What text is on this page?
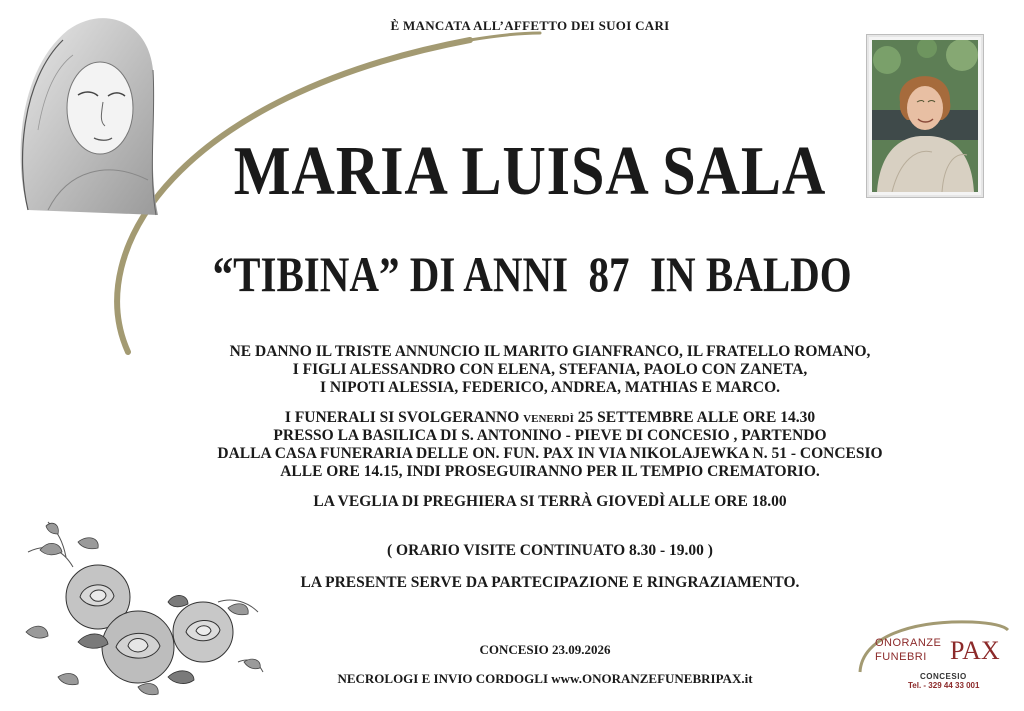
È MANCATA ALL’AFFETTO DEI SUOI CARI
MARIA LUISA SALA
“TIBINA” DI ANNI  87  IN BALDO
NE DANNO IL TRISTE ANNUNCIO IL MARITO GIANFRANCO, IL FRATELLO ROMANO,
I FIGLI ALESSANDRO CON ELENA, STEFANIA, PAOLO CON ZANETA,
I NIPOTI ALESSIA, FEDERICO, ANDREA, MATHIAS E MARCO.
I FUNERALI SI SVOLGERANNO venerdì 25 SETTEMBRE ALLE ORE 14.30
PRESSO LA BASILICA DI S. ANTONINO - PIEVE DI CONCESIO , PARTENDO
DALLA CASA FUNERARIA DELLE ON. FUN. PAX IN VIA NIKOLAJEWKA N. 51 - CONCESIO
ALLE ORE 14.15, INDI PROSEGUIRANNO PER IL TEMPIO CREMATORIO.
LA VEGLIA DI PREGHIERA SI TERRÀ GIOVEDÌ ALLE ORE 18.00
( ORARIO VISITE CONTINUATO 8.30 - 19.00 )
LA PRESENTE SERVE DA PARTECIPAZIONE E RINGRAZIAMENTO.
CONCESIO 23.09.2026
NECROLOGI E INVIO CORDOGLI www.ONORANZEFUNEBRIPAX.it
ONORANZE
FUNEBRI PAX
CONCESIO
Tel. - 329 44 33 001
